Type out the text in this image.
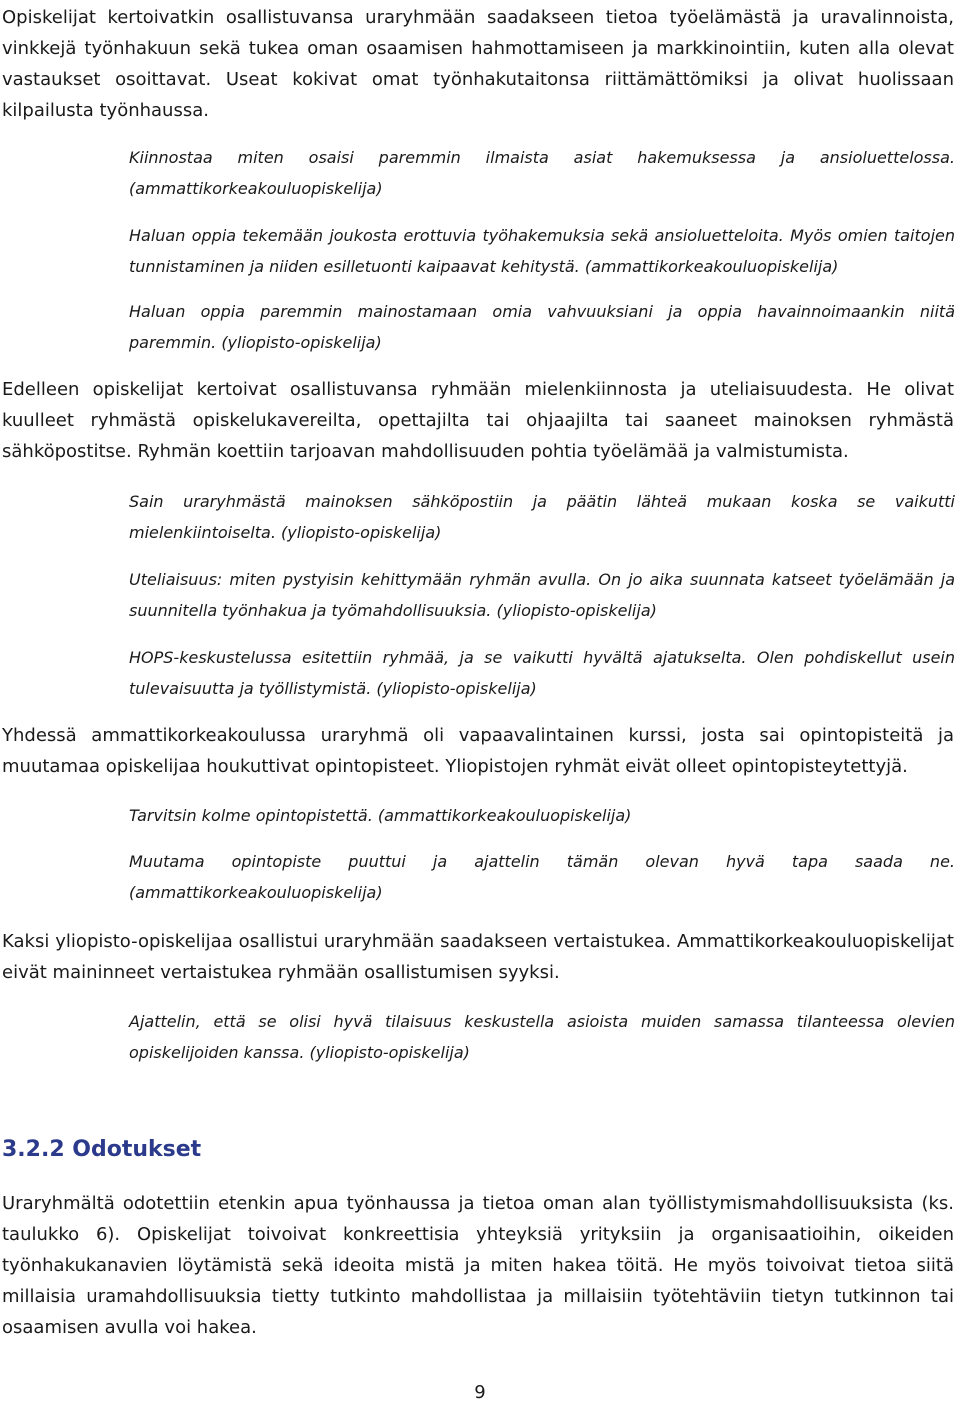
Opiskelijat kertoivatkin osallistuvansa uraryhmään saadakseen tietoa työelämästä ja uravalinnoista, vinkkejä työnhakuun sekä tukea oman osaamisen hahmottamiseen ja markkinointiin, kuten alla olevat vastaukset osoittavat. Useat kokivat omat työnhakutaitonsa riittämättömiksi ja olivat huolissaan kilpailusta työnhaussa.

Kiinnostaa miten osaisi paremmin ilmaista asiat hakemuksessa ja ansioluettelossa. (ammattikorkeakouluopiskelija)

Haluan oppia tekemään joukosta erottuvia työhakemuksia sekä ansioluetteloita. Myös omien taitojen tunnistaminen ja niiden esilletuonti kaipaavat kehitystä. (ammattikorkeakouluopiskelija)

Haluan oppia paremmin mainostamaan omia vahvuuksiani ja oppia havainnoimaankin niitä paremmin. (yliopisto-opiskelija)

Edelleen opiskelijat kertoivat osallistuvansa ryhmään mielenkiinnosta ja uteliaisuudesta. He olivat kuulleet ryhmästä opiskelukavereilta, opettajilta tai ohjaajilta tai saaneet mainoksen ryhmästä sähköpostitse. Ryhmän koettiin tarjoavan mahdollisuuden pohtia työelämää ja valmistumista.

Sain uraryhmästä mainoksen sähköpostiin ja päätin lähteä mukaan koska se vaikutti mielenkiintoiselta. (yliopisto-opiskelija)

Uteliaisuus: miten pystyisin kehittymään ryhmän avulla. On jo aika suunnata katseet työelämään ja suunnitella työnhakua ja työmahdollisuuksia. (yliopisto-opiskelija)

HOPS-keskustelussa esitettiin ryhmää, ja se vaikutti hyvältä ajatukselta. Olen pohdiskellut usein tulevaisuutta ja työllistymistä. (yliopisto-opiskelija)

Yhdessä ammattikorkeakoulussa uraryhmä oli vapaavalintainen kurssi, josta sai opintopisteitä ja muutamaa opiskelijaa houkuttivat opintopisteet. Yliopistojen ryhmät eivät olleet opintopisteytettyjä.

Tarvitsin kolme opintopistettä. (ammattikorkeakouluopiskelija)

Muutama opintopiste puuttui ja ajattelin tämän olevan hyvä tapa saada ne. (ammattikorkeakouluopiskelija)

Kaksi yliopisto-opiskelijaa osallistui uraryhmään saadakseen vertaistukea. Ammattikorkeakouluopiskelijat eivät maininneet vertaistukea ryhmään osallistumisen syyksi.

Ajattelin, että se olisi hyvä tilaisuus keskustella asioista muiden samassa tilanteessa olevien opiskelijoiden kanssa. (yliopisto-opiskelija)

3.2.2 Odotukset

Uraryhmältä odotettiin etenkin apua työnhaussa ja tietoa oman alan työllistymismahdollisuuksista (ks. taulukko 6). Opiskelijat toivoivat konkreettisia yhteyksiä yrityksiin ja organisaatioihin, oikeiden työnhakukanavien löytämistä sekä ideoita mistä ja miten hakea töitä. He myös toivoivat tietoa siitä millaisia uramahdollisuuksia tietty tutkinto mahdollistaa ja millaisiin työtehtäviin tietyn tutkinnon tai osaamisen avulla voi hakea.

9
